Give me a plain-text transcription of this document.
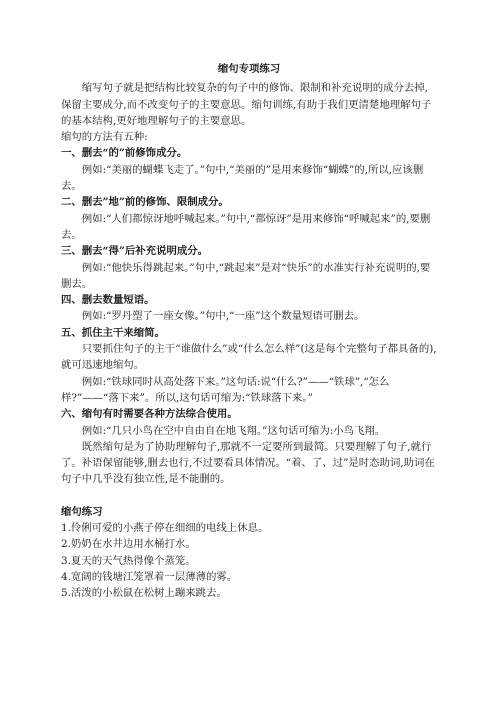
缩句专项练习

缩写句子就是把结构比较复杂的句子中的修饰、限制和补充说明的成分去掉,保留主要成分,而不改变句子的主要意思。缩句训练,有助于我们更清楚地理解句子的基本结构,更好地理解句子的主要意思。

缩句的方法有五种:

一、删去“的”前修饰成分。

例如:“美丽的蝴蝶飞走了。”句中,“美丽的”是用来修饰“蝴蝶”的,所以,应该删去。

二、删去”地”前的修饰、限制成分。

例如:“人们都惊讶地呼喊起来。”句中,“都惊讶”是用来修饰“呼喊起来”的,要删去。

三、删去“得”后补充说明成分。

例如:“他快乐得跳起来。”句中,“跳起来”是对“快乐”的水准实行补充说明的,要删去。

四、删去数量短语。

例如:“罗丹塑了一座女像。”句中,“一座”这个数量短语可删去。

五、抓住主干来缩简。

只要抓住句子的主干“谁做什么”或“什么怎么样”(这是每个完整句子都具备的),就可迅速地缩句。

例如:“铁球同时从高处落下来。”这句话:说“什么?”——“铁球”,“怎么样?”——“落下来”。所以,这句话可缩为:“铁球落下来。”

六、缩句有时需要各种方法综合使用。

例如:“几只小鸟在空中自由自在地飞翔。”这句话可缩为:小鸟飞翔。

既然缩句是为了协助理解句子,那就不一定要所到最简。只要理解了句子,就行了。补语保留能够,删去也行,不过要看具体情况。“着、了、过”是时态助词,助词在句子中几乎没有独立性,是不能删的。

缩句练习

1.伶俐可爱的小燕子停在细细的电线上休息。

2.奶奶在水井边用水桶打水。

3.夏天的天气热得像个蒸笼。

4.宽阔的钱塘江笼罩着一层薄薄的雾。

5.活泼的小松鼠在松树上蹦来跳去。
